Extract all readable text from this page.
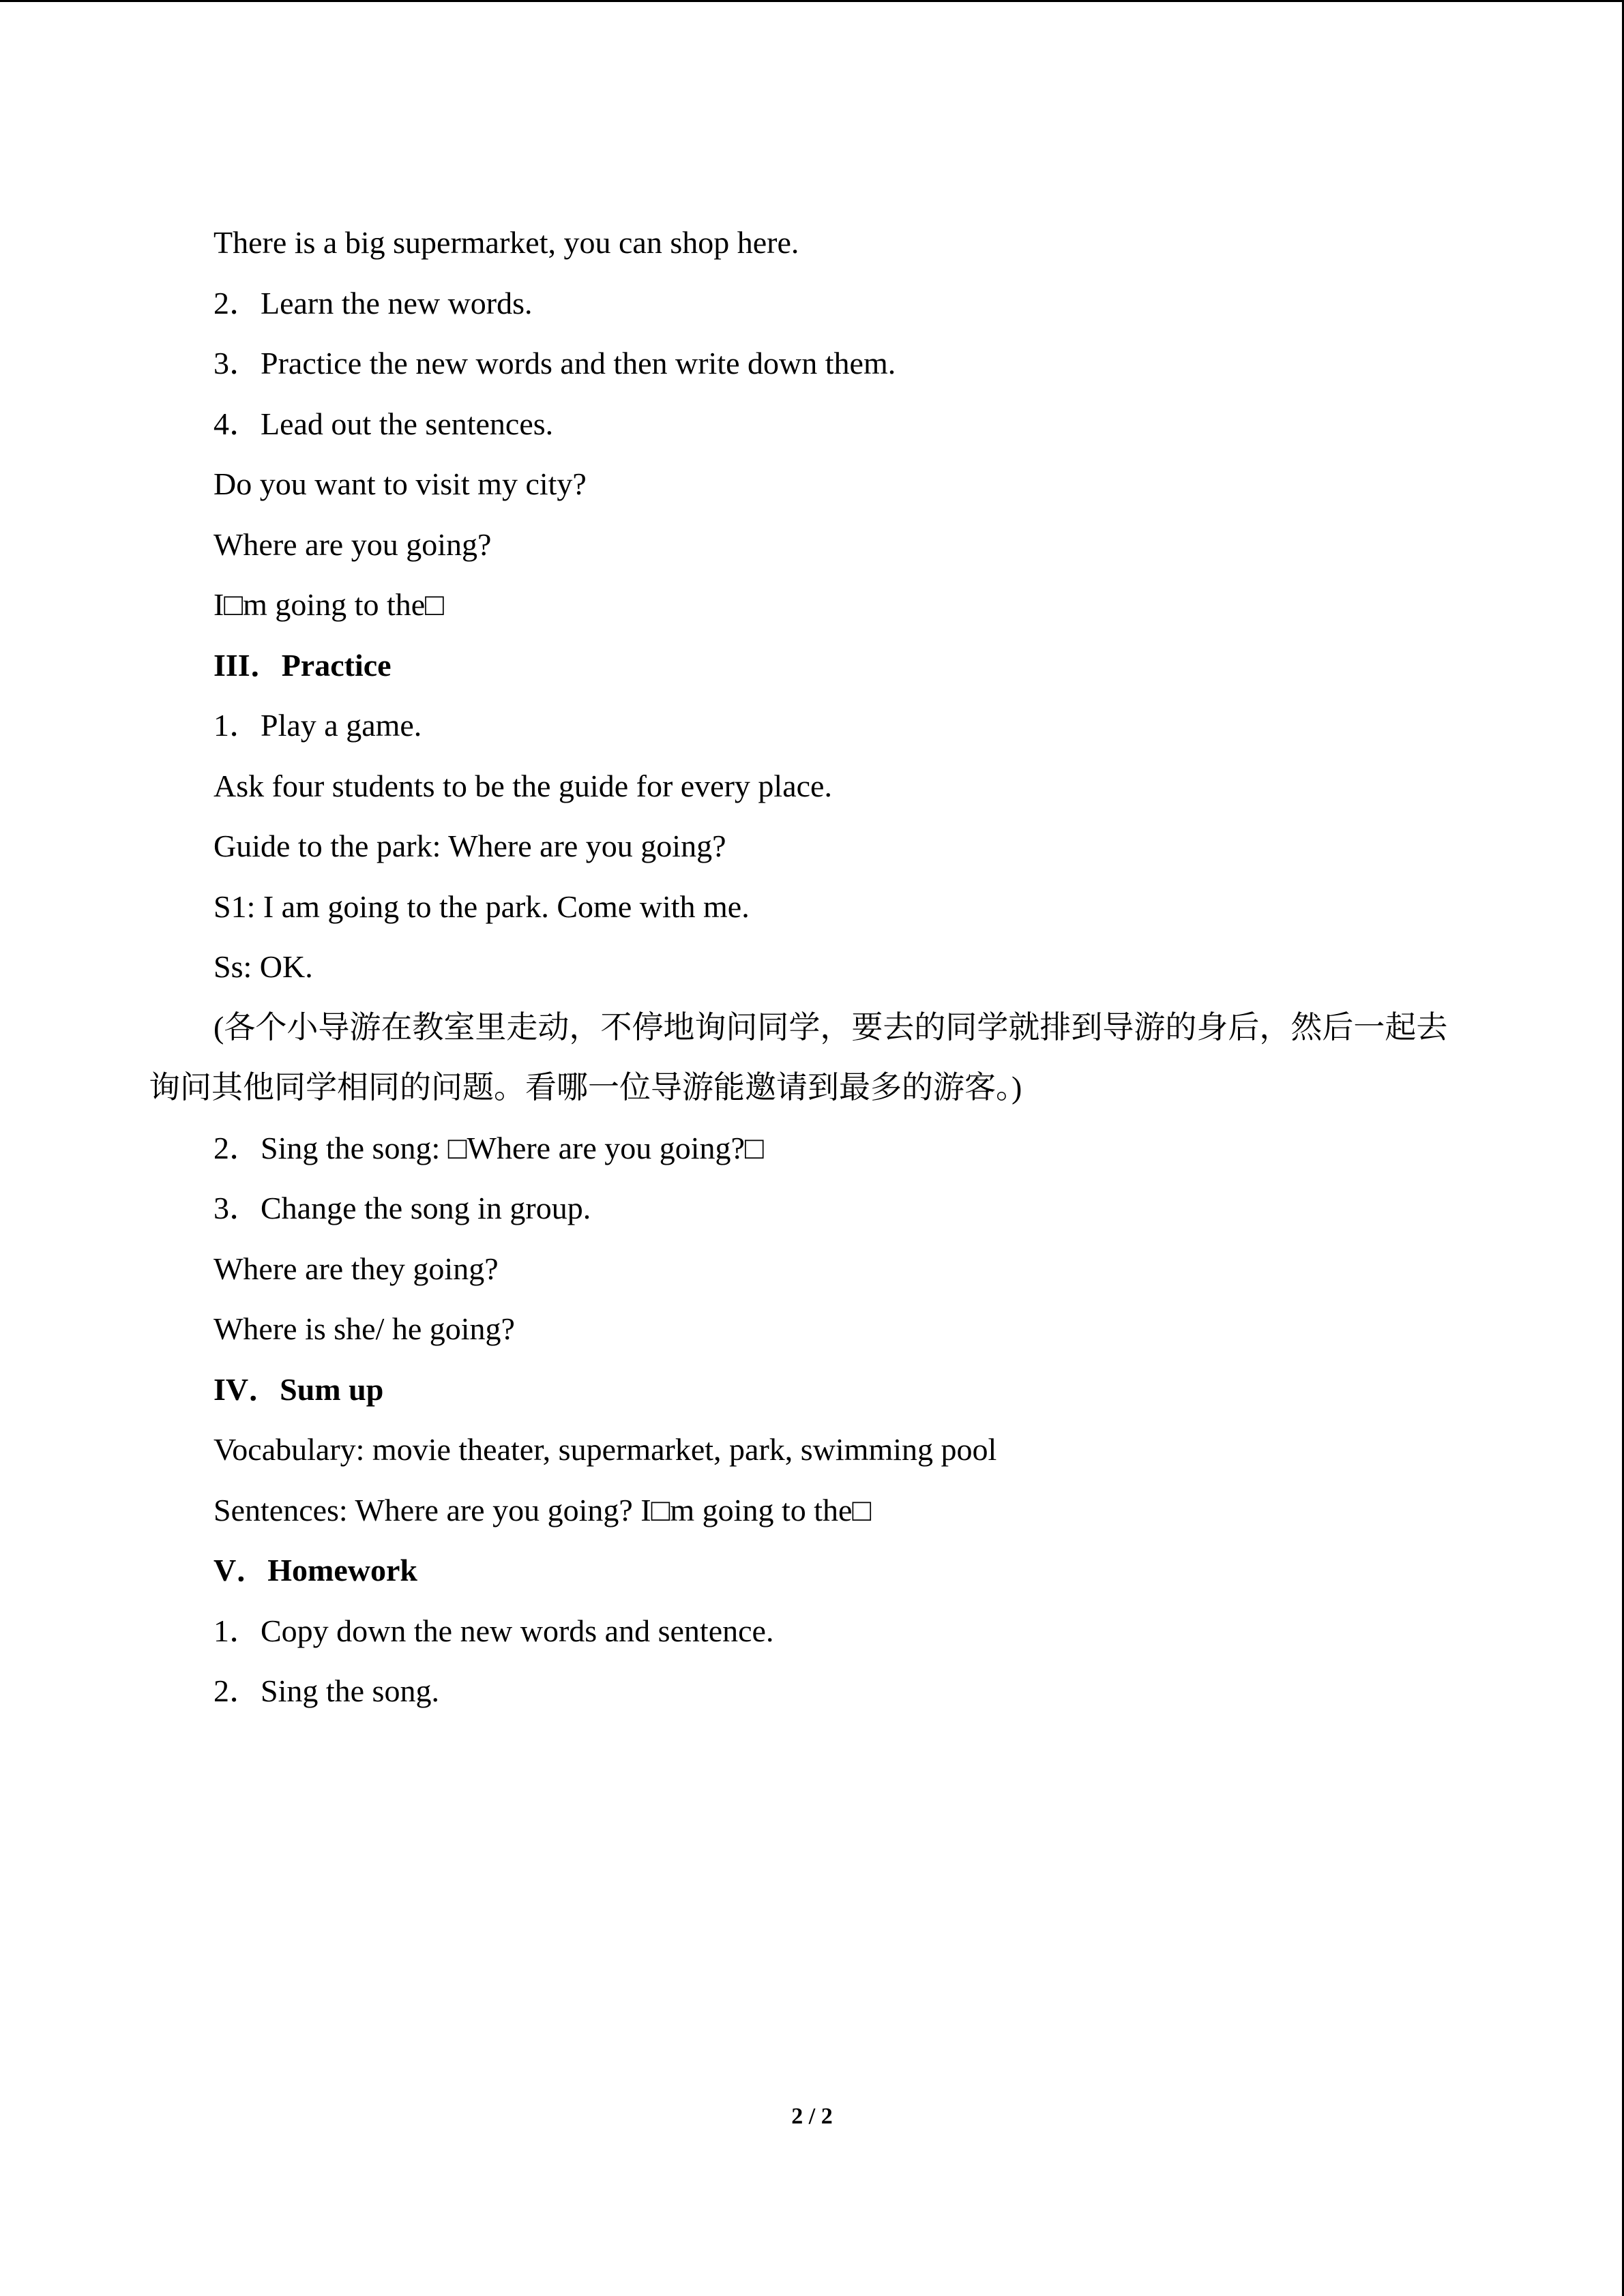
There is a big supermarket, you can shop here.
2．Learn the new words.
3．Practice the new words and then write down them.
4．Lead out the sentences.
Do you want to visit my city?
Where are you going?
I□m going to the□
III．Practice
1．Play a game.
Ask four students to be the guide for every place.
Guide to the park: Where are you going?
S1: I am going to the park. Come with me.
Ss: OK.
(各个小导游在教室里走动，不停地询问同学，要去的同学就排到导游的身后，然后一起去询问其他同学相同的问题。看哪一位导游能邀请到最多的游客。)
2．Sing the song: □Where are you going?□
3．Change the song in group.
Where are they going?
Where is she/ he going?
IV．Sum up
Vocabulary: movie theater, supermarket, park, swimming pool
Sentences: Where are you going? I□m going to the□
V．Homework
1．Copy down the new words and sentence.
2．Sing the song.
2 / 2
